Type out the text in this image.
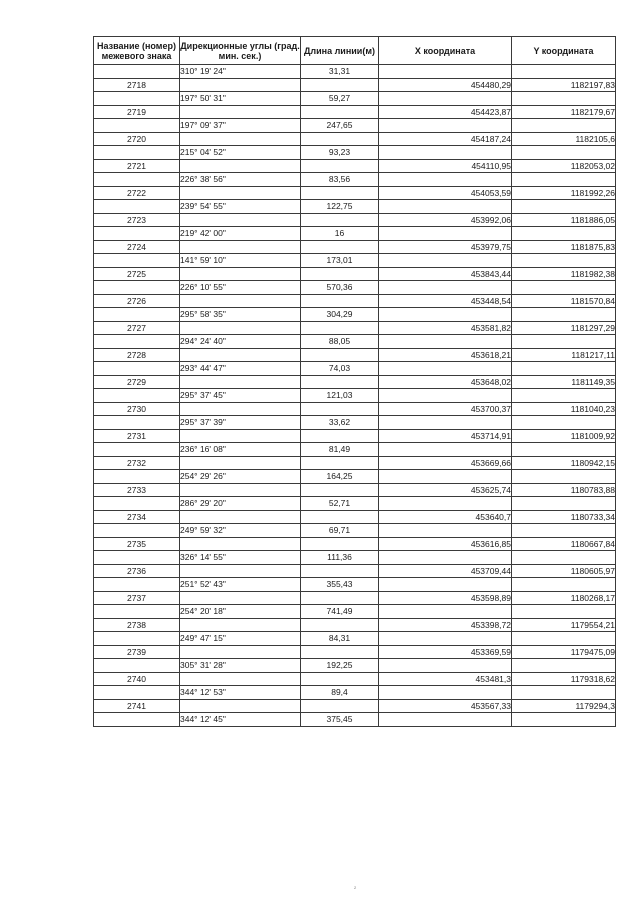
Название (номер) межевого знака	Дирекционные углы (град. мин. сек.)	Длина линии(м)	X координата	Y координата
	310° 19' 24"	31,31		
2718			454480,29	1182197,83
	197° 50' 31"	59,27		
2719			454423,87	1182179,67
	197° 09' 37"	247,65		
2720			454187,24	1182105,6
	215° 04' 52"	93,23		
2721			454110,95	1182053,02
	226° 38' 56"	83,56		
2722			454053,59	1181992,26
	239° 54' 55"	122,75		
2723			453992,06	1181886,05
	219° 42' 00"	16		
2724			453979,75	1181875,83
	141° 59' 10"	173,01		
2725			453843,44	1181982,38
	226° 10' 55"	570,36		
2726			453448,54	1181570,84
	295° 58' 35"	304,29		
2727			453581,82	1181297,29
	294° 24' 40"	88,05		
2728			453618,21	1181217,11
	293° 44' 47"	74,03		
2729			453648,02	1181149,35
	295° 37' 45"	121,03		
2730			453700,37	1181040,23
	295° 37' 39"	33,62		
2731			453714,91	1181009,92
	236° 16' 08"	81,49		
2732			453669,66	1180942,15
	254° 29' 26"	164,25		
2733			453625,74	1180783,88
	286° 29' 20"	52,71		
2734			453640,7	1180733,34
	249° 59' 32"	69,71		
2735			453616,85	1180667,84
	326° 14' 55"	111,36		
2736			453709,44	1180605,97
	251° 52' 43"	355,43		
2737			453598,89	1180268,17
	254° 20' 18"	741,49		
2738			453398,72	1179554,21
	249° 47' 15"	84,31		
2739			453369,59	1179475,09
	305° 31' 28"	192,25		
2740			453481,3	1179318,62
	344° 12' 53"	89,4		
2741			453567,33	1179294,3
	344° 12' 45"	375,45		
2
